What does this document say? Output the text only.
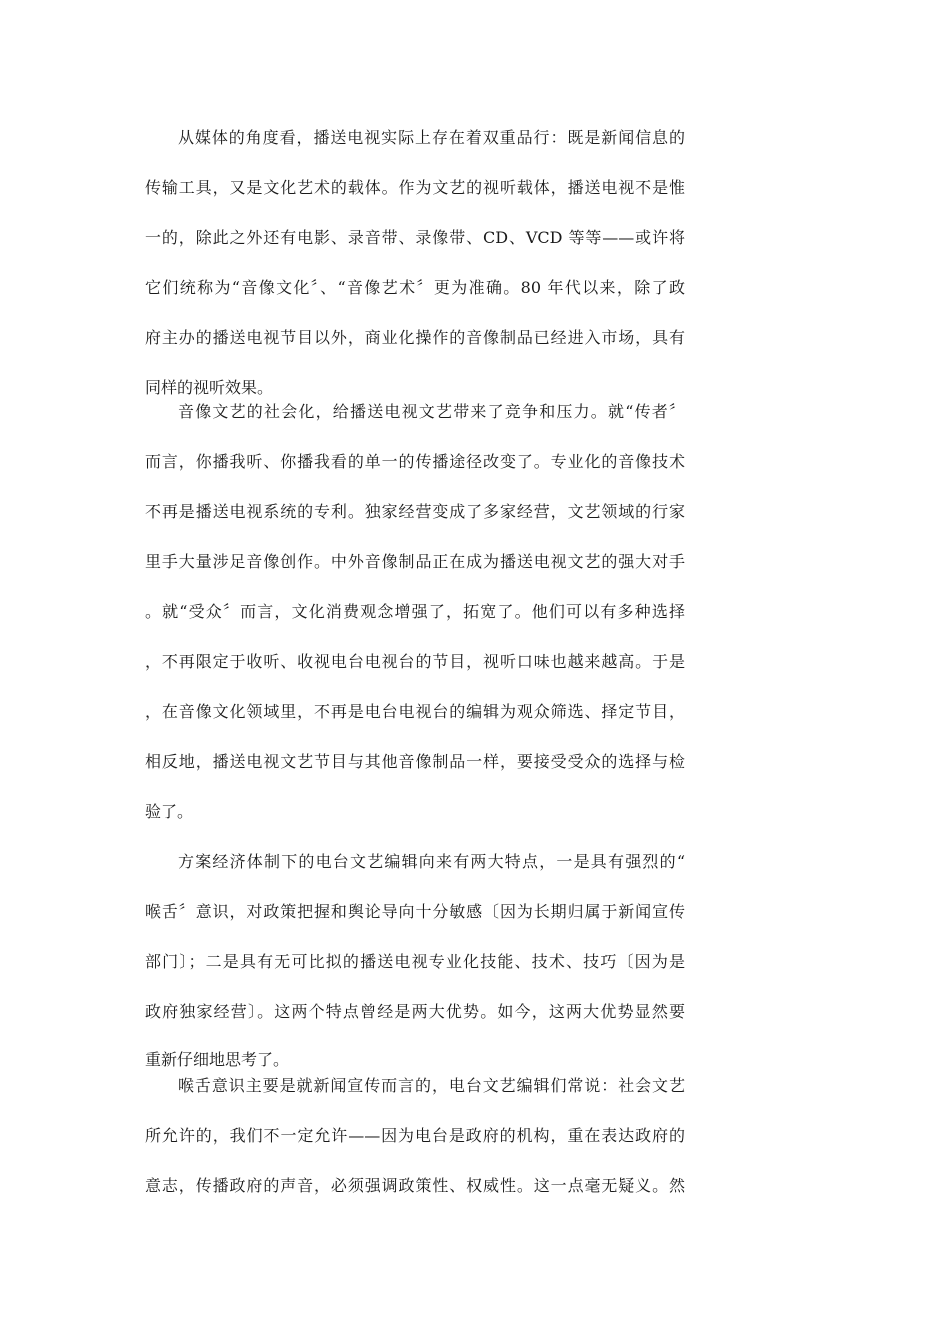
从媒体的角度看，播送电视实际上存在着双重品行：既是新闻信息的
传输工具，又是文化艺术的载体。作为文艺的视听载体，播送电视不是惟
一的，除此之外还有电影、录音带、录像带、CD、VCD 等等——或许将
它们统称为“音像文化〞、“音像艺术〞更为准确。80 年代以来，除了政
府主办的播送电视节目以外，商业化操作的音像制品已经进入市场，具有
同样的视听效果。
音像文艺的社会化，给播送电视文艺带来了竞争和压力。就“传者〞
而言，你播我听、你播我看的单一的传播途径改变了。专业化的音像技术
不再是播送电视系统的专利。独家经营变成了多家经营，文艺领域的行家
里手大量涉足音像创作。中外音像制品正在成为播送电视文艺的强大对手
。就“受众〞而言，文化消费观念增强了，拓宽了。他们可以有多种选择
，不再限定于收听、收视电台电视台的节目，视听口味也越来越高。于是
，在音像文化领域里，不再是电台电视台的编辑为观众筛选、择定节目，
相反地，播送电视文艺节目与其他音像制品一样，要接受受众的选择与检
验了。
方案经济体制下的电台文艺编辑向来有两大特点，一是具有强烈的“
喉舌〞意识，对政策把握和舆论导向十分敏感〔因为长期归属于新闻宣传
部门〕；二是具有无可比拟的播送电视专业化技能、技术、技巧〔因为是
政府独家经营〕。这两个特点曾经是两大优势。如今，这两大优势显然要
重新仔细地思考了。
喉舌意识主要是就新闻宣传而言的，电台文艺编辑们常说：社会文艺
所允许的，我们不一定允许——因为电台是政府的机构，重在表达政府的
意志，传播政府的声音，必须强调政策性、权威性。这一点毫无疑义。然
